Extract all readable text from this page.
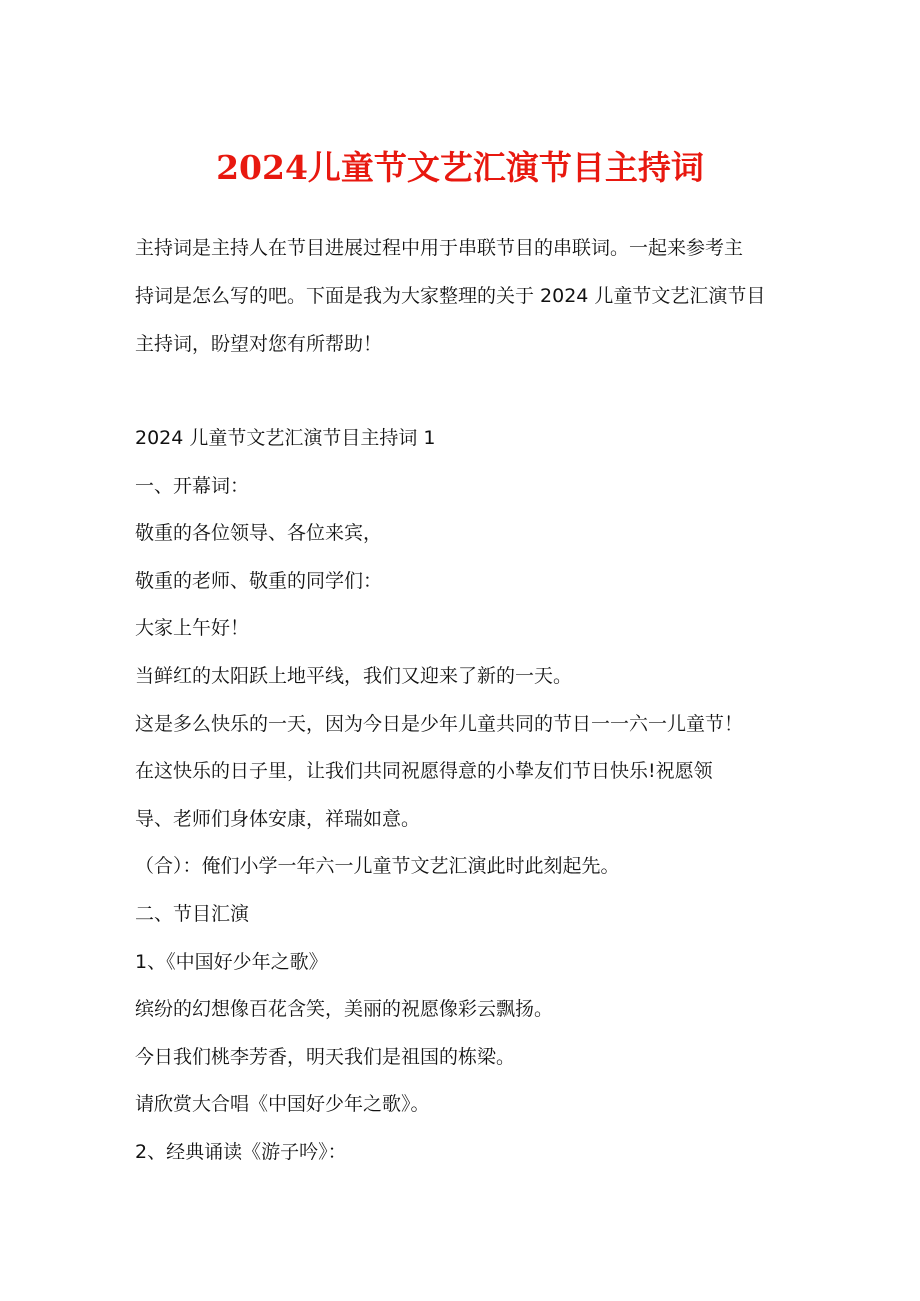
2024儿童节文艺汇演节目主持词
主持词是主持人在节目进展过程中用于串联节目的串联词。一起来参考主
持词是怎么写的吧。下面是我为大家整理的关于 2024 儿童节文艺汇演节目
主持词，盼望对您有所帮助！
2024 儿童节文艺汇演节目主持词 1
一、开幕词：
敬重的各位领导、各位来宾，
敬重的老师、敬重的同学们：
大家上午好！
当鲜红的太阳跃上地平线，我们又迎来了新的一天。
这是多么快乐的一天，因为今日是少年儿童共同的节日一一六一儿童节！
在这快乐的日子里，让我们共同祝愿得意的小挚友们节日快乐!祝愿领
导、老师们身体安康，祥瑞如意。
（合）：俺们小学一年六一儿童节文艺汇演此时此刻起先。
二、节目汇演
1、《中国好少年之歌》
缤纷的幻想像百花含笑，美丽的祝愿像彩云飘扬。
今日我们桃李芳香，明天我们是祖国的栋梁。
请欣赏大合唱《中国好少年之歌》。
2、经典诵读《游子吟》：
